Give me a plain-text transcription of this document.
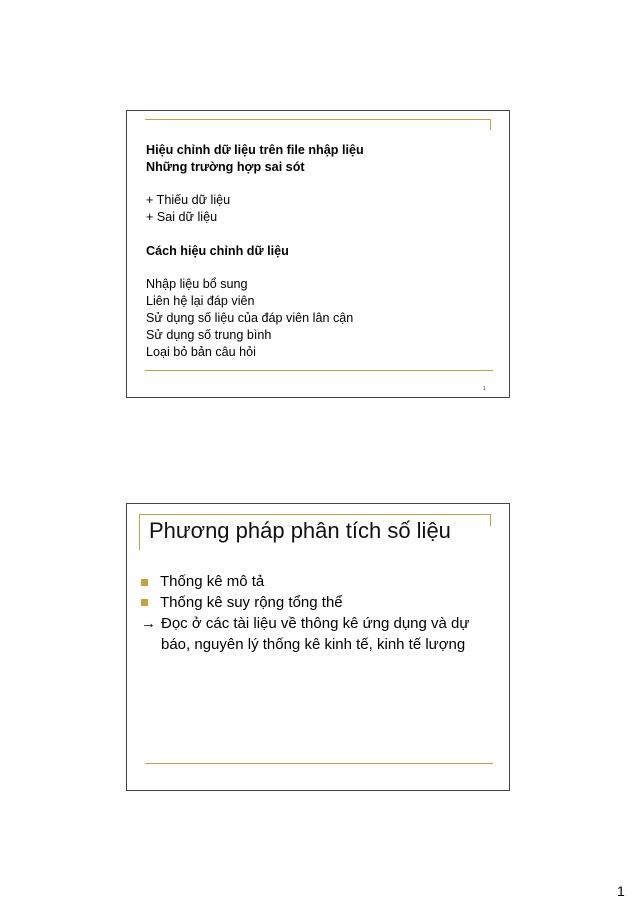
Hiệu chỉnh dữ liệu trên file nhập liệu
Những trường hợp sai sót
+ Thiếu dữ liệu
+ Sai dữ liệu
Cách hiệu chỉnh dữ liệu
Nhập liệu bổ sung
Liên hệ lại đáp viên
Sử dụng số liệu của đáp viên lân cận
Sử dụng số trung bình
Loại bỏ bản câu hỏi
1
Phương pháp phân tích số liệu
Thống kê mô tả
Thống kê suy rộng tổng thể
→ Đọc ở các tài liệu về thông kê ứng dụng và dự báo, nguyên lý thống kê kinh tế, kinh tế lượng
1
